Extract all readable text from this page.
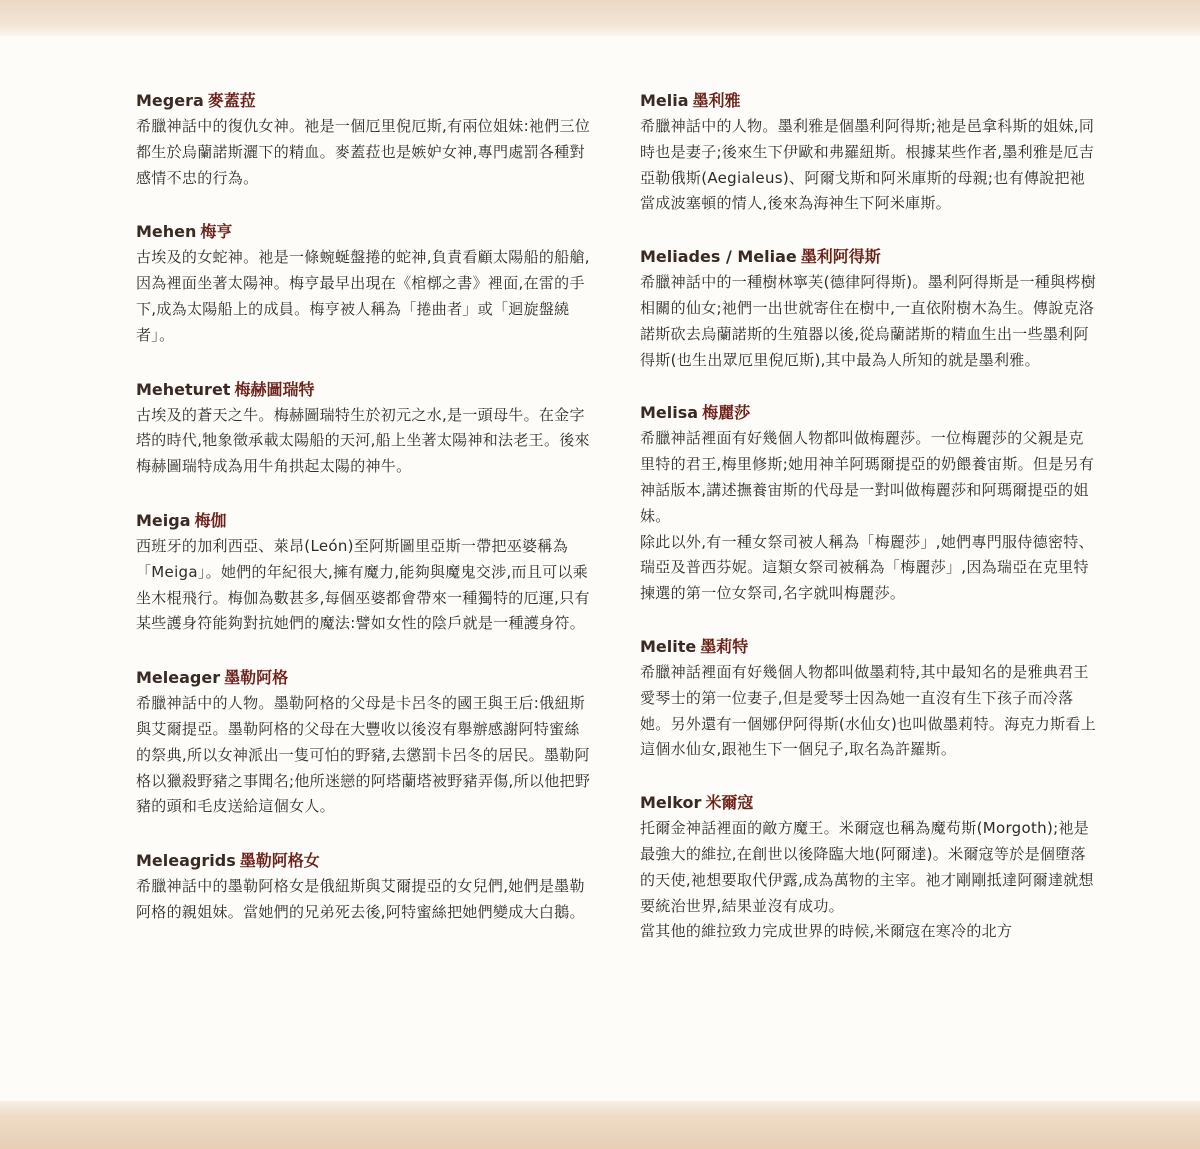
Megera 麥蓋菈

希臘神話中的復仇女神。祂是一個厄里倪厄斯,有兩位姐妹:祂們三位都生於烏蘭諾斯灑下的精血。麥蓋菈也是嫉妒女神,專門處罰各種對感情不忠的行為。

Mehen 梅亨

古埃及的女蛇神。祂是一條蜿蜒盤捲的蛇神,負責看顧太陽船的船艙,因為裡面坐著太陽神。梅亨最早出現在《棺槨之書》裡面,在雷的手下,成為太陽船上的成員。梅亨被人稱為「捲曲者」或「迴旋盤繞者」。

Meheturet 梅赫圖瑞特

古埃及的蒼天之牛。梅赫圖瑞特生於初元之水,是一頭母牛。在金字塔的時代,牠象徵承載太陽船的天河,船上坐著太陽神和法老王。後來梅赫圖瑞特成為用牛角拱起太陽的神牛。

Meiga 梅伽

西班牙的加利西亞、萊昂(León)至阿斯圖里亞斯一帶把巫婆稱為「Meiga」。她們的年紀很大,擁有魔力,能夠與魔鬼交涉,而且可以乘坐木棍飛行。梅伽為數甚多,每個巫婆都會帶來一種獨特的厄運,只有某些護身符能夠對抗她們的魔法:譬如女性的陰戶就是一種護身符。

Meleager 墨勒阿格

希臘神話中的人物。墨勒阿格的父母是卡呂冬的國王與王后:俄紐斯與艾爾提亞。墨勒阿格的父母在大豐收以後沒有舉辦感謝阿特蜜絲的祭典,所以女神派出一隻可怕的野豬,去懲罰卡呂冬的居民。墨勒阿格以獵殺野豬之事聞名;他所迷戀的阿塔蘭塔被野豬弄傷,所以他把野豬的頭和毛皮送給這個女人。

Meleagrids 墨勒阿格女

希臘神話中的墨勒阿格女是俄紐斯與艾爾提亞的女兒們,她們是墨勒阿格的親姐妹。當她們的兄弟死去後,阿特蜜絲把她們變成大白鵝。

Melia 墨利雅

希臘神話中的人物。墨利雅是個墨利阿得斯;祂是邑拿科斯的姐妹,同時也是妻子;後來生下伊歐和弗羅紐斯。根據某些作者,墨利雅是厄吉亞勒俄斯(Aegialeus)、阿爾戈斯和阿米庫斯的母親;也有傳說把祂當成波塞頓的情人,後來為海神生下阿米庫斯。

Meliades / Meliae 墨利阿得斯

希臘神話中的一種樹林寧芙(德律阿得斯)。墨利阿得斯是一種與梣樹相關的仙女;祂們一出世就寄住在樹中,一直依附樹木為生。傳說克洛諾斯砍去烏蘭諾斯的生殖器以後,從烏蘭諾斯的精血生出一些墨利阿得斯(也生出眾厄里倪厄斯),其中最為人所知的就是墨利雅。

Melisa 梅麗莎

希臘神話裡面有好幾個人物都叫做梅麗莎。一位梅麗莎的父親是克里特的君王,梅里修斯;她用神羊阿瑪爾提亞的奶餵養宙斯。但是另有神話版本,講述撫養宙斯的代母是一對叫做梅麗莎和阿瑪爾提亞的姐妹。

除此以外,有一種女祭司被人稱為「梅麗莎」,她們專門服侍德密特、瑞亞及普西芬妮。這類女祭司被稱為「梅麗莎」,因為瑞亞在克里特揀選的第一位女祭司,名字就叫梅麗莎。

Melite 墨莉特

希臘神話裡面有好幾個人物都叫做墨莉特,其中最知名的是雅典君王愛琴士的第一位妻子,但是愛琴士因為她一直沒有生下孩子而冷落她。另外還有一個娜伊阿得斯(水仙女)也叫做墨莉特。海克力斯看上這個水仙女,跟祂生下一個兒子,取名為許羅斯。

Melkor 米爾寇

托爾金神話裡面的敵方魔王。米爾寇也稱為魔苟斯(Morgoth);祂是最強大的維拉,在創世以後降臨大地(阿爾達)。米爾寇等於是個墮落的天使,祂想要取代伊露,成為萬物的主宰。祂才剛剛抵達阿爾達就想要統治世界,結果並沒有成功。

當其他的維拉致力完成世界的時候,米爾寇在寒冷的北方
